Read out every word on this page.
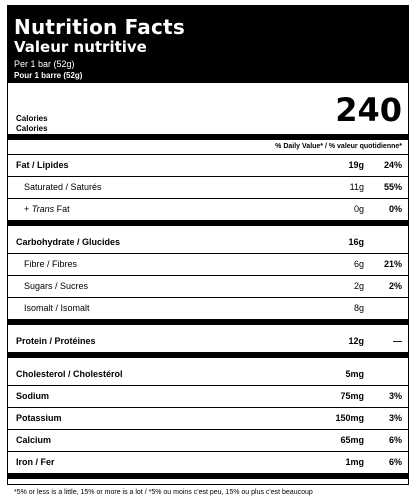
Nutrition Facts
Valeur nutritive
Per 1 bar (52g)
Pour 1 barre (52g)
Calories
Calories	240
% Daily Value* / % valeur quotidienne*
Fat / Lipides	19g 24%
Saturated / Saturés	11g 55%
+ Trans Fat	0g	0%
Carbohydrate / Glucides	16g
Fibre / Fibres	6g 21%
Sugars / Sucres	2g	2%
Isomalt / Isomalt	8g
Protein / Protéines	12g	—
Cholesterol / Cholestérol	5mg
Sodium	75mg	3%
Potassium	150mg	3%
Calcium	65mg	6%
Iron / Fer	1mg	6%
*5% or less is a little, 15% or more is a lot / *5% ou moins c'est peu, 15% ou plus c'est beaucoup
